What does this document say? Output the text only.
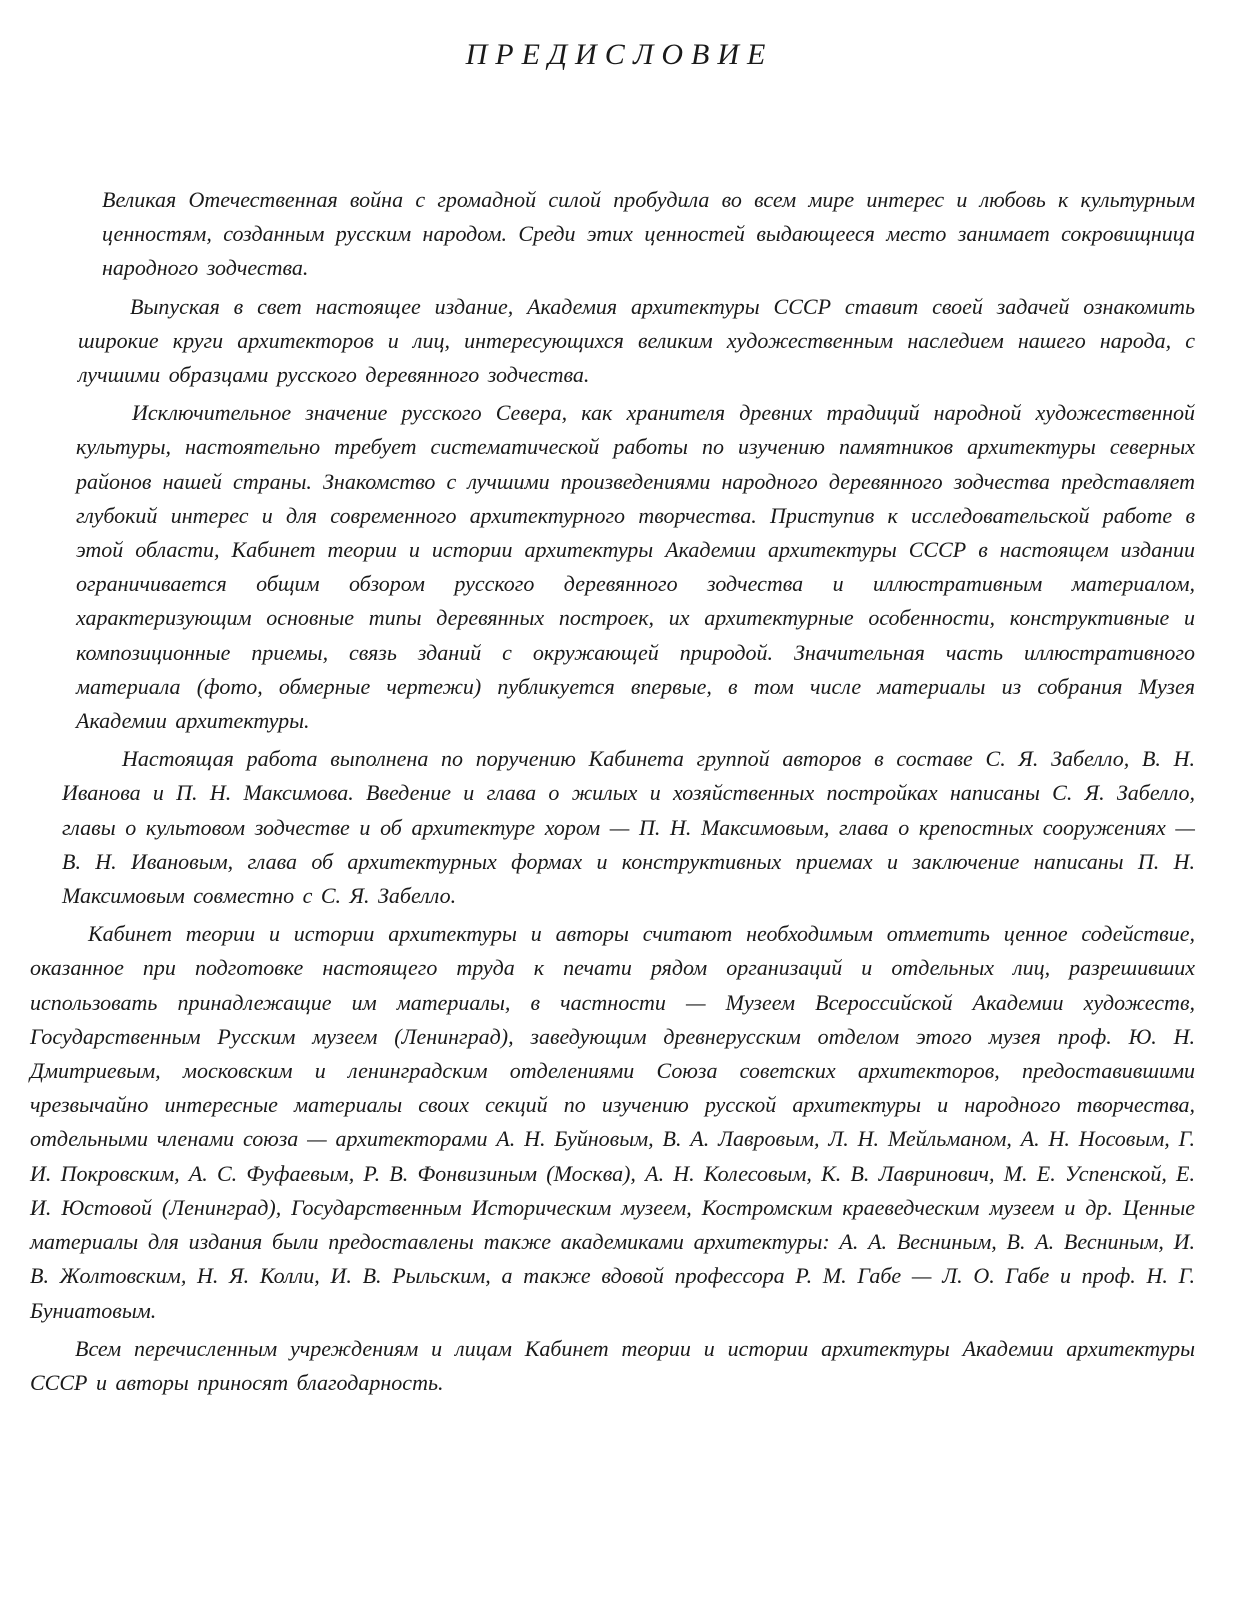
ПРЕДИСЛОВИЕ

Великая Отечественная война с громадной силой пробудила во всем мире интерес и любовь к культурным ценностям, созданным русским народом. Среди этих ценностей выдающееся место занимает сокровищница народного зодчества.

Выпуская в свет настоящее издание, Академия архитектуры СССР ставит своей задачей ознакомить широкие круги архитекторов и лиц, интересующихся великим художественным наследием нашего народа, с лучшими образцами русского деревянного зодчества.

Исключительное значение русского Севера, как хранителя древних традиций народной художественной культуры, настоятельно требует систематической работы по изучению памятников архитектуры северных районов нашей страны. Знакомство с лучшими произведениями народного деревянного зодчества представляет глубокий интерес и для современного архитектурного творчества. Приступив к исследовательской работе в этой области, Кабинет теории и истории архитектуры Академии архитектуры СССР в настоящем издании ограничивается общим обзором русского деревянного зодчества и иллюстративным материалом, характеризующим основные типы деревянных построек, их архитектурные особенности, конструктивные и композиционные приемы, связь зданий с окружающей природой. Значительная часть иллюстративного материала (фото, обмерные чертежи) публикуется впервые, в том числе материалы из собрания Музея Академии архитектуры.

Настоящая работа выполнена по поручению Кабинета группой авторов в составе С. Я. Забелло, В. Н. Иванова и П. Н. Максимова. Введение и глава о жилых и хозяйственных постройках написаны С. Я. Забелло, главы о культовом зодчестве и об архитектуре хором — П. Н. Максимовым, глава о крепостных сооружениях — В. Н. Ивановым, глава об архитектурных формах и конструктивных приемах и заключение написаны П. Н. Максимовым совместно с С. Я. Забелло.

Кабинет теории и истории архитектуры и авторы считают необходимым отметить ценное содействие, оказанное при подготовке настоящего труда к печати рядом организаций и отдельных лиц, разрешивших использовать принадлежащие им материалы, в частности — Музеем Всероссийской Академии художеств, Государственным Русским музеем (Ленинград), заведующим древнерусским отделом этого музея проф. Ю. Н. Дмитриевым, московским и ленинградским отделениями Союза советских архитекторов, предоставившими чрезвычайно интересные материалы своих секций по изучению русской архитектуры и народного творчества, отдельными членами союза — архитекторами А. Н. Буйновым, В. А. Лавровым, Л. Н. Мейльманом, А. Н. Носовым, Г. И. Покровским, А. С. Фуфаевым, Р. В. Фонвизиным (Москва), А. Н. Колесовым, К. В. Лавринович, М. Е. Успенской, Е. И. Юстовой (Ленинград), Государственным Историческим музеем, Костромским краеведческим музеем и др. Ценные материалы для издания были предоставлены также академиками архитектуры: А. А. Весниным, В. А. Весниным, И. В. Жолтовским, Н. Я. Колли, И. В. Рыльским, а также вдовой профессора Р. М. Габе — Л. О. Габе и проф. Н. Г. Буниатовым.

Всем перечисленным учреждениям и лицам Кабинет теории и истории архитектуры Академии архитектуры СССР и авторы приносят благодарность.
